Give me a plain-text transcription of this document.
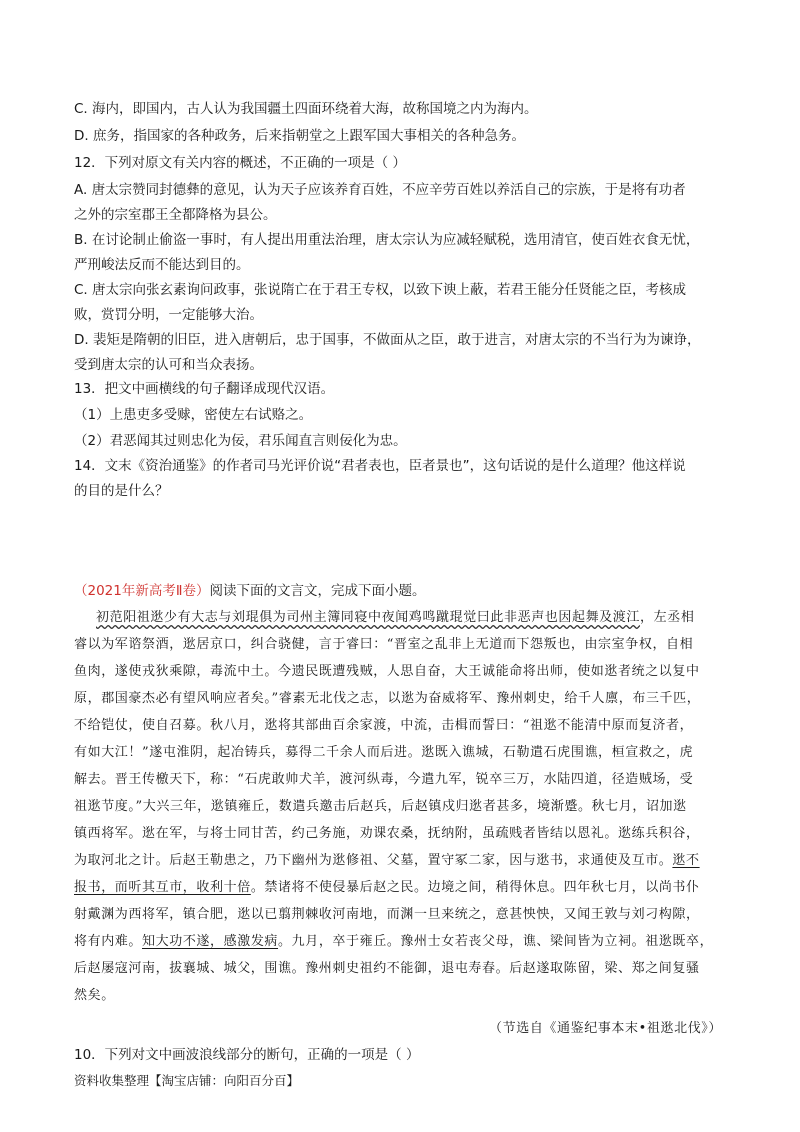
C. 海内，即国内，古人认为我国疆土四面环绕着大海，故称国境之内为海内。
D. 庶务，指国家的各种政务，后来指朝堂之上跟军国大事相关的各种急务。
12．下列对原文有关内容的概述，不正确的一项是（ ）
A. 唐太宗赞同封德彝的意见，认为天子应该养育百姓，不应辛劳百姓以养活自己的宗族，于是将有功者
之外的宗室郡王全都降格为县公。
B. 在讨论制止偷盗一事时，有人提出用重法治理，唐太宗认为应减轻赋税，选用清官，使百姓衣食无忧，
严刑峻法反而不能达到目的。
C. 唐太宗向张玄素询问政事，张说隋亡在于君王专权，以致下谀上蔽，若君王能分任贤能之臣，考核成
败，赏罚分明，一定能够大治。
D. 裴矩是隋朝的旧臣，进入唐朝后，忠于国事，不做面从之臣，敢于进言，对唐太宗的不当行为为谏诤，
受到唐太宗的认可和当众表扬。
13．把文中画横线的句子翻译成现代汉语。
（1）上患吏多受赇，密使左右试赂之。
（2）君恶闻其过则忠化为佞，君乐闻直言则佞化为忠。
14．文末《资治通鉴》的作者司马光评价说“君者表也，臣者景也”，这句话说的是什么道理？他这样说
的目的是什么？
（2021年新高考Ⅱ卷）阅读下面的文言文，完成下面小题。
初范阳祖逖少有大志与刘琨俱为司州主簿同寝中夜闻鸡鸣蹴琨觉曰此非恶声也因起舞及渡江，左丞相
睿以为军谘祭酒，逖居京口，纠合骁健，言于睿曰：“晋室之乱非上无道而下怨叛也，由宗室争权，自相
鱼肉，遂使戎狄乘隙，毒流中土。今遗民既遭残贼，人思自奋，大王诚能命将出师，使如逖者统之以复中
原，郡国豪杰必有望风响应者矣。”睿素无北伐之志，以逖为奋威将军、豫州刺史，给千人廪，布三千匹，
不给铠仗，使自召募。秋八月，逖将其部曲百余家渡，中流，击楫而誓曰：“祖逖不能清中原而复济者，
有如大江！”遂屯淮阴，起冶铸兵，募得二千余人而后进。逖既入谯城，石勒遣石虎围谯，桓宣救之，虎
解去。晋王传檄天下，称：“石虎敢帅犬羊，渡河纵毒，今遣九军，锐卒三万，水陆四道，径造贼场，受
祖逖节度。”大兴三年，逖镇雍丘，数遣兵邀击后赵兵，后赵镇戍归逖者甚多，境渐蹙。秋七月，诏加逖
镇西将军。逖在军，与将士同甘苦，约己务施，劝课农桑，抚纳附，虽疏贱者皆结以恩礼。逖练兵积谷，
为取河北之计。后赵王勒患之，乃下幽州为逖修祖、父墓，置守冢二家，因与逖书，求通使及互市。逖不
报书，而听其互市，收利十倍。禁诸将不使侵暴后赵之民。边境之间，稍得休息。四年秋七月，以尚书仆
射戴渊为西将军，镇合肥，逖以已翦荆棘收河南地，而渊一旦来统之，意甚怏怏，又闻王敦与刘刁构隙，
将有内难。知大功不遂，感激发病。九月，卒于雍丘。豫州士女若丧父母，谯、梁间皆为立祠。祖逖既卒，
后赵屡寇河南，拔襄城、城父，围谯。豫州刺史祖约不能御，退屯寿春。后赵遂取陈留，梁、郑之间复骚
然矣。
（节选自《通鉴纪事本末•祖逖北伐》）
10．下列对文中画波浪线部分的断句，正确的一项是（ ）
资料收集整理【淘宝店铺：向阳百分百】
